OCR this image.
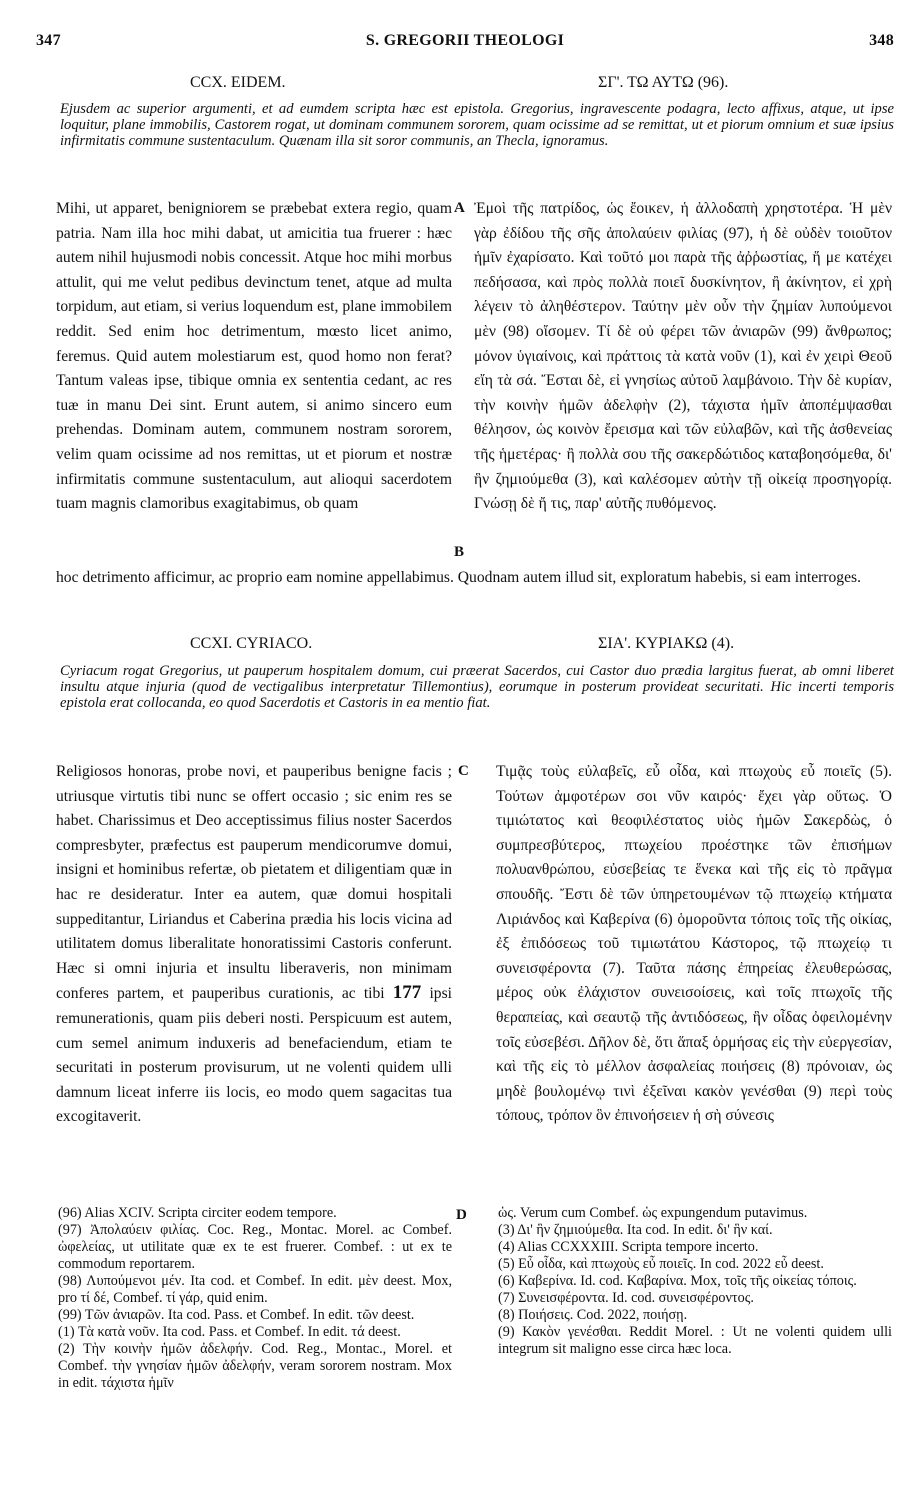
347	S. GREGORII THEOLOGI	348
CCX. EIDEM.	ΣΓ'. ΤΩ ΑΥΤΩ (96).
Ejusdem ac superior argumenti, et ad eumdem scripta hæc est epistola. Gregorius, ingravescente podagra, lecto affixus, atque, ut ipse loquitur, plane immobilis, Castorem rogat, ut dominam communem sororem, quam ocissime ad se remittat, ut et piorum omnium et suæ ipsius infirmitatis commune sustentaculum. Quænam illa sit soror communis, an Thecla, ignoramus.

Mihi, ut apparet, benigniorem se præbebat extera regio, quam patria. Nam illa hoc mihi dabat, ut amicitia tua fruerer : hæc autem nihil hujusmodi nobis concessit. Atque hoc mihi morbus attulit, qui me velut pedibus devinctum tenet, atque ad multa torpidum, aut etiam, si verius loquendum est, plane immobilem reddit. Sed enim hoc detrimentum, mœsto licet animo, feremus. Quid autem molestiarum est, quod homo non ferat? Tantum valeas ipse, tibique omnia ex sententia cedant, ac res tuæ in manu Dei sint. Erunt autem, si animo sincero eum prehendas. Dominam autem, communem nostram sororem, velim quam ocissime ad nos remittas, ut et piorum et nostræ infirmitatis commune sustentaculum, aut alioqui sacerdotem tuam magnis clamoribus exagitabimus, ob quam

A
B

Ἐμοὶ τῆς πατρίδος, ὡς ἔοικεν, ἡ ἀλλοδαπὴ χρηστοτέρα. Ἡ μὲν γὰρ ἐδίδου τῆς σῆς ἀπολαύειν φιλίας (97), ἡ δὲ οὐδὲν τοιοῦτον ἡμῖν ἐχαρίσατο. Καὶ τοῦτό μοι παρὰ τῆς ἀῤῥωστίας, ἥ με κατέχει πεδήσασα, καὶ πρὸς πολλὰ ποιεῖ δυσκίνητον, ἢ ἀκίνητον, εἰ χρὴ λέγειν τὸ ἀληθέστερον. Ταύτην μὲν οὖν τὴν ζημίαν λυπούμενοι μὲν (98) οἴσομεν. Τί δὲ οὐ φέρει τῶν ἀνιαρῶν (99) ἄνθρωπος; μόνον ὑγιαίνοις, καὶ πράττοις τὰ κατὰ νοῦν (1), καὶ ἐν χειρὶ Θεοῦ εἴη τὰ σά. Ἔσται δὲ, εἰ γνησίως αὐτοῦ λαμβάνοιο. Τὴν δὲ κυρίαν, τὴν κοινὴν ἡμῶν ἀδελφὴν (2), τάχιστα ἡμῖν ἀποπέμψασθαι θέλησον, ὡς κοινὸν ἔρεισμα καὶ τῶν εὐλαβῶν, καὶ τῆς ἀσθενείας τῆς ἡμετέρας· ἢ πολλὰ σου τῆς σακερδώτιδος καταβοησόμεθα, δι' ἣν ζημιούμεθα (3), καὶ καλέσομεν αὐτὴν τῇ οἰκείᾳ προσηγορίᾳ. Γνώσῃ δὲ ἤ τις, παρ' αὐτῆς πυθόμενος.

hoc detrimento afficimur, ac proprio eam nomine appellabimus. Quodnam autem illud sit, exploratum habebis, si eam interroges.
CCXI. CYRIACO.	ΣΙΑ'. ΚΥΡΙΑΚΩ (4).
Cyriacum rogat Gregorius, ut pauperum hospitalem domum, cui præerat Sacerdos, cui Castor duo prædia largitus fuerat, ab omni liberet insultu atque injuria (quod de vectigalibus interpretatur Tillemontius), eorumque in posterum provideat securitati. Hic incerti temporis epistola erat collocanda, eo quod Sacerdotis et Castoris in ea mentio fiat.

Religiosos honoras, probe novi, et pauperibus benigne facis ; utriusque virtutis tibi nunc se offert occasio ; sic enim res se habet. Charissimus et Deo acceptissimus filius noster Sacerdos compresbyter, præfectus est pauperum mendicorumve domui, insigni et hominibus refertæ, ob pietatem et diligentiam quæ in hac re desideratur. Inter ea autem, quæ domui hospitali suppeditantur, Liriandus et Caberina prædia his locis vicina ad utilitatem domus liberalitate honoratissimi Castoris conferunt. Hæc si omni injuria et insultu liberaveris, non minimam conferes partem, et pauperibus curationis, ac tibi 177 ipsi remunerationis, quam piis deberi nosti. Perspicuum est autem, cum semel animum induxeris ad benefaciendum, etiam te securitati in posterum provisurum, ut ne volenti quidem ulli damnum liceat inferre iis locis, eo modo quem sagacitas tua excogitaverit.

C Τιμᾷς τοὺς εὐλαβεῖς, εὖ οἶδα, καὶ πτωχοὺς εὖ ποιεῖς (5). Τούτων ἀμφοτέρων σοι νῦν καιρός· ἔχει γὰρ οὕτως. Ὁ τιμιώτατος καὶ θεοφιλέστατος υἱὸς ἡμῶν Σακερδὼς, ὁ συμπρεσβύτερος, πτωχείου προέστηκε τῶν ἐπισήμων πολυανθρώπου, εὐσεβείας τε ἕνεκα καὶ τῆς εἰς τὸ πρᾶγμα σπουδῆς. Ἔστι δὲ τῶν ὑπηρετουμένων τῷ πτωχείῳ κτήματα Λιριάνδος καὶ Καβερίνα (6) ὁμοροῦντα τόποις τοῖς τῆς οἰκίας, ἐξ ἐπιδόσεως τοῦ τιμιωτάτου Κάστορος, τῷ πτωχείῳ τι συνεισφέροντα (7). Ταῦτα πάσης ἐπηρείας ἐλευθερώσας, μέρος οὐκ ἐλάχιστον συνεισοίσεις, καὶ τοῖς πτωχοῖς τῆς θεραπείας, καὶ σεαυτῷ τῆς ἀντιδόσεως, ἣν οἶδας ὀφειλομένην τοῖς εὐσεβέσι. Δῆλον δὲ, ὅτι ἅπαξ ὁρμήσας εἰς τὴν εὐεργεσίαν, καὶ τῆς εἰς τὸ μέλλον ἀσφαλείας ποιήσεις (8) πρόνοιαν, ὡς μηδὲ βουλομένῳ τινὶ ἐξεῖναι κακὸν γενέσθαι (9) περὶ τοὺς τόπους, τρόπον ὃν ἐπινοήσειεν ἡ σὴ σύνεσις

(96) Alias XCIV. Scripta circiter eodem tempore.

(97) Ἀπολαύειν φιλίας. Coc. Reg., Montac. Morel. ac Combef. ὠφελείας, ut utilitate quæ ex te est fruerer. Combef. : ut ex te commodum reportarem.

(98) Λυπούμενοι μέν. Ita cod. et Combef. In edit. μὲν deest. Mox, pro τί δέ, Combef. τί γάρ, quid enim.

(99) Τῶν ἀνιαρῶν. Ita cod. Pass. et Combef. In edit. τῶν deest.

(1) Τὰ κατὰ νοῦν. Ita cod. Pass. et Combef. In edit. τά deest.

(2) Τὴν κοινὴν ἡμῶν ἀδελφήν. Cod. Reg., Montac., Morel. et Combef. τὴν γνησίαν ἡμῶν ἀδελφήν, veram sororem nostram. Mox in edit. τάχιστα ἡμῖν

D ὡς. Verum cum Combef. ὡς expungendum putavimus.

(3) Δι' ἣν ζημιούμεθα. Ita cod. In edit. δι' ἣν καί.

(4) Alias CCXXXIII. Scripta tempore incerto.

(5) Εὖ οἶδα, καὶ πτωχοὺς εὖ ποιεῖς. In cod. 2022 εὖ deest.

(6) Καβερίνα. Id. cod. Καβαρίνα. Mox, τοῖς τῆς οἰκείας τόποις.

(7) Συνεισφέροντα. Id. cod. συνεισφέροντος.

(8) Ποιήσεις. Cod. 2022, ποιήσῃ.

(9) Κακὸν γενέσθαι. Reddit Morel. : Ut ne volenti quidem ulli integrum sit maligno esse circa hæc loca.
